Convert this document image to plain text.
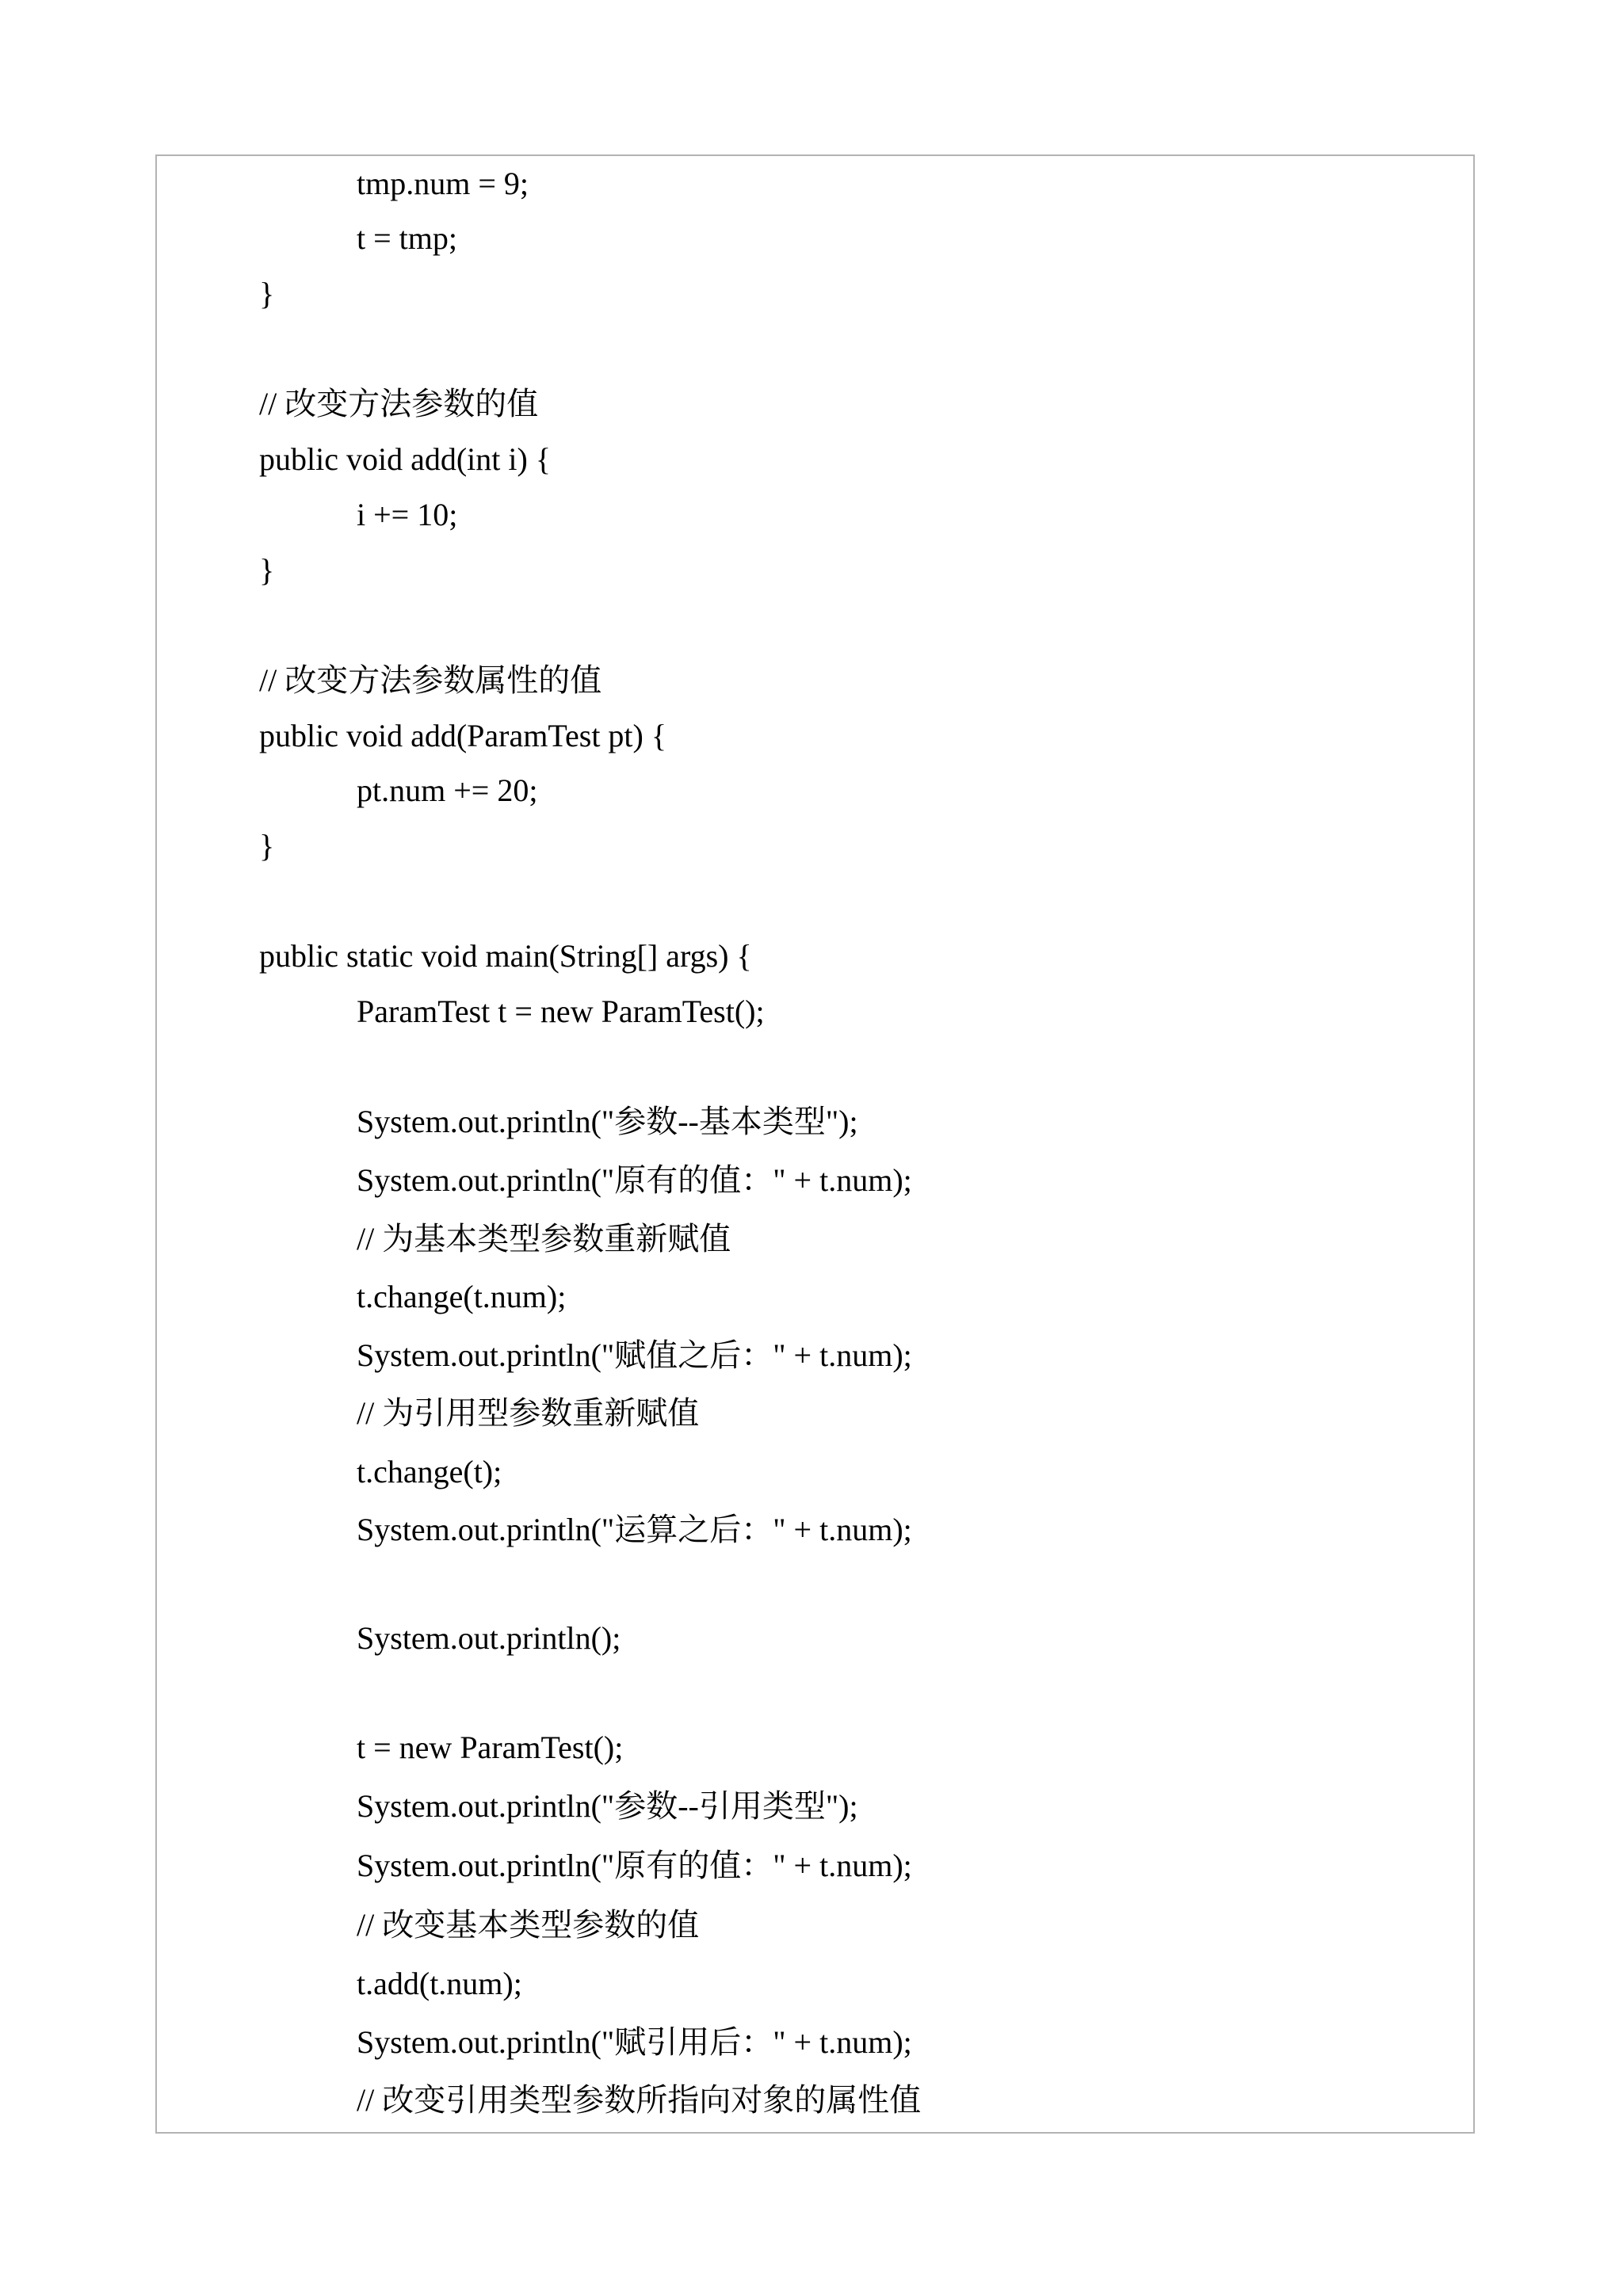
tmp.num = 9;

t = tmp;

}

// 改变方法参数的值

public void add(int i) {

i += 10;

}

// 改变方法参数属性的值

public void add(ParamTest pt) {

pt.num += 20;

}

public static void main(String[] args) {

ParamTest t = new ParamTest();

System.out.println("参数--基本类型");

System.out.println("原有的值：" + t.num);

// 为基本类型参数重新赋值

t.change(t.num);

System.out.println("赋值之后：" + t.num);

// 为引用型参数重新赋值

t.change(t);

System.out.println("运算之后：" + t.num);

System.out.println();

t = new ParamTest();

System.out.println("参数--引用类型");

System.out.println("原有的值：" + t.num);

// 改变基本类型参数的值

t.add(t.num);

System.out.println("赋引用后：" + t.num);

// 改变引用类型参数所指向对象的属性值
